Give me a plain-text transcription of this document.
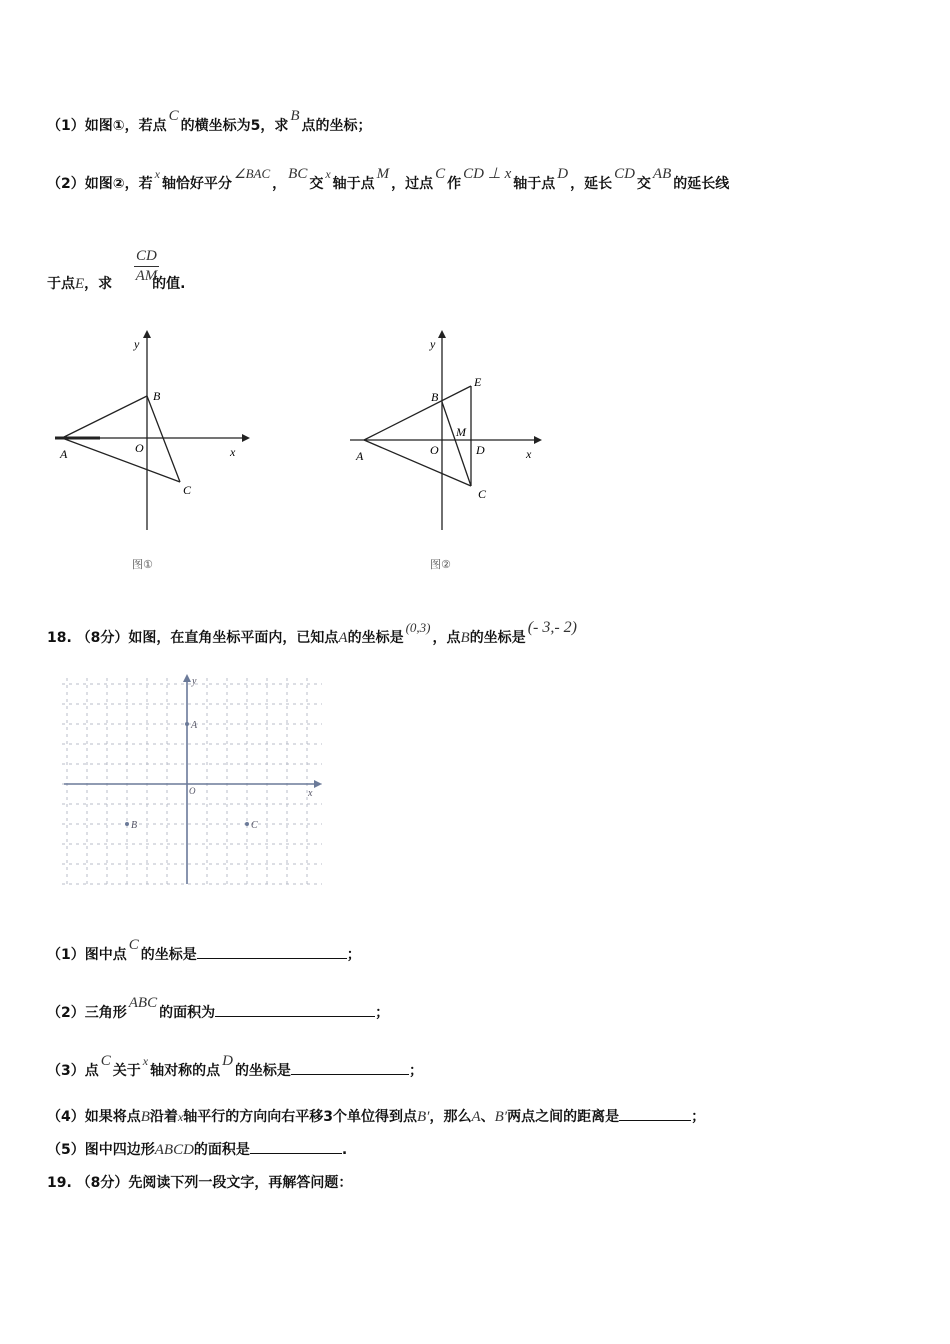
（1）如图①，若点C的横坐标为5，求B点的坐标；
（2）如图②，若x轴恰好平分∠BAC，BC交x轴于点M，过点C作CD ⊥ x轴于点D，延长CD交AB的延长线
于点E，求	的值.
$\frac{CD}{AM}$
y
x
A
B
O
C
图①
y
x
A
B
O
C
D
M
E
图②
18. （8分）如图，在直角坐标平面内，已知点A的坐标是(0,3)，点B的坐标是(- 3,- 2)
y
x
O
A
B	C
（1）图中点C的坐标是	；
（2）三角形ABC的面积为	；
（3）点C关于x轴对称的点D的坐标是	；
（4）如果将点B沿着x轴平行的方向向右平移3个单位得到点B′，那么A、B′两点之间的距离是	；
（5）图中四边形ABCD的面积是	.
19. （8分）先阅读下列一段文字，再解答问题：
